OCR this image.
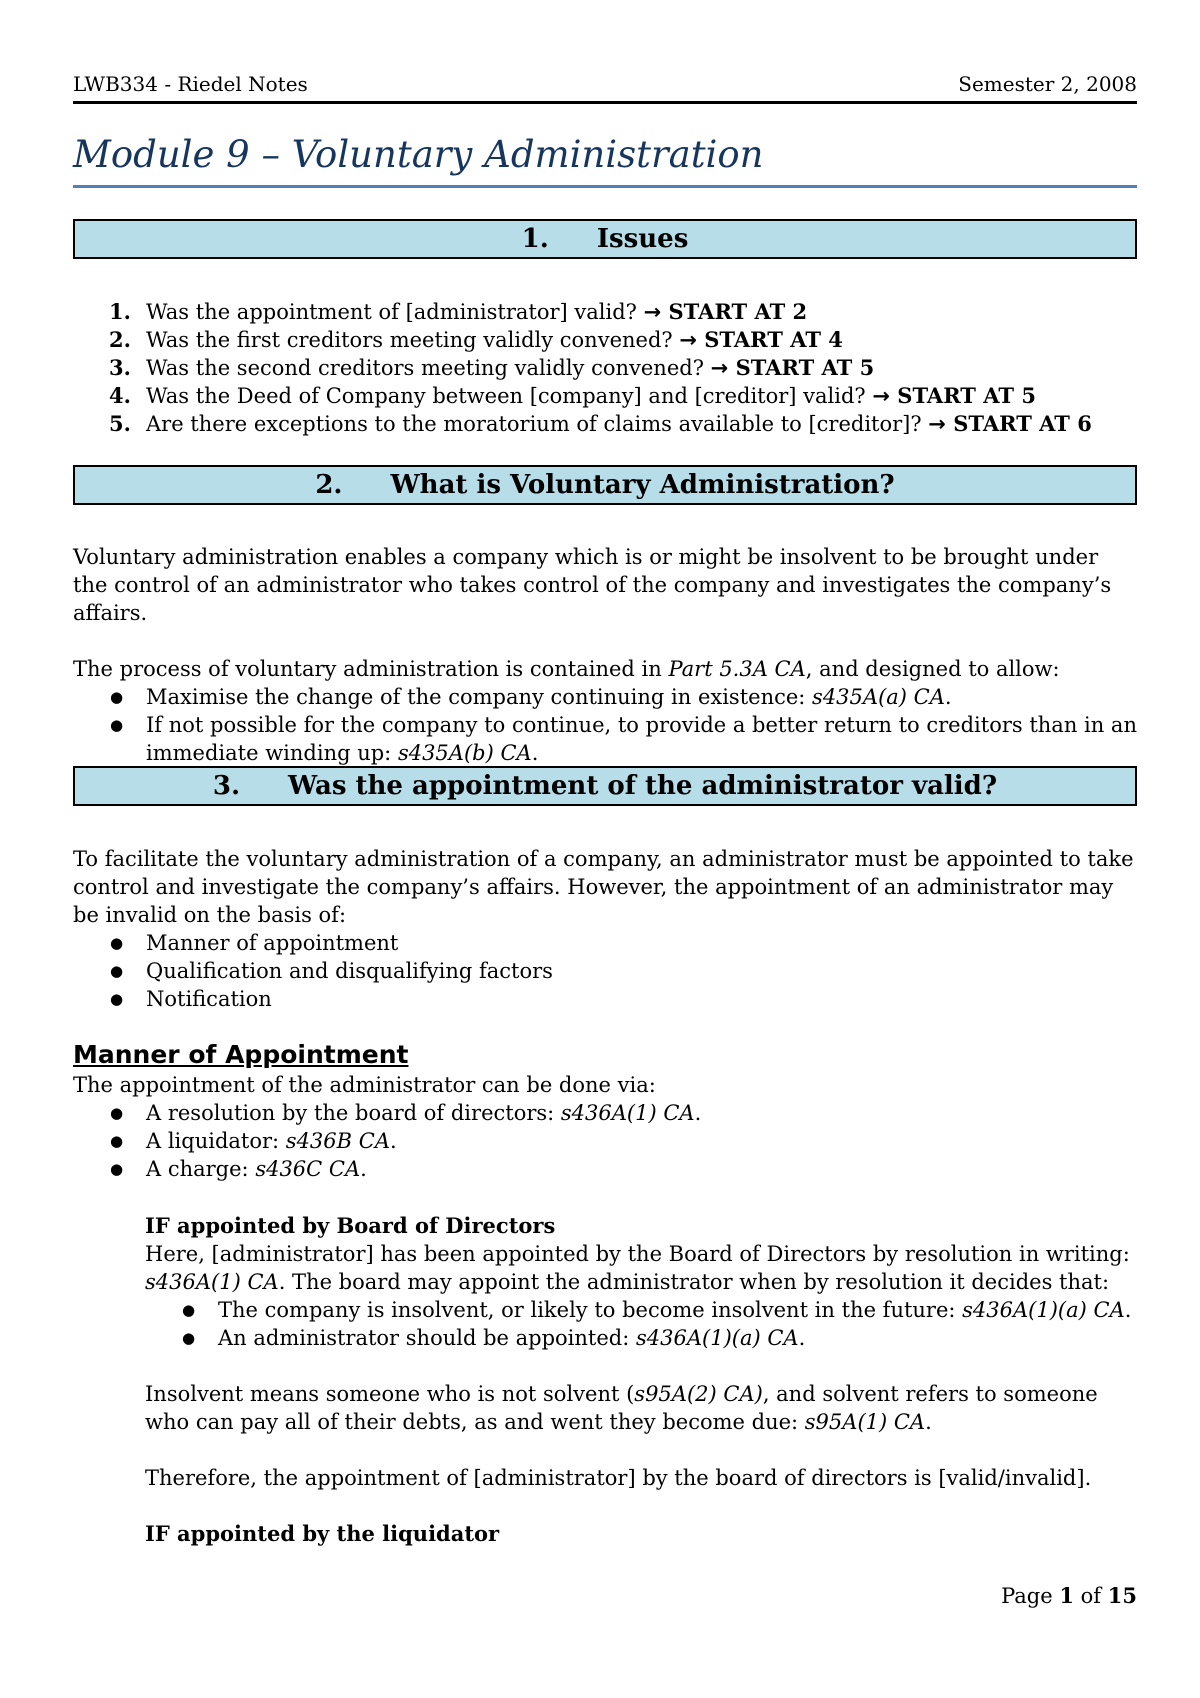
LWB334 - Riedel Notes	Semester 2, 2008
Module 9 – Voluntary Administration
1. Issues
1. Was the appointment of [administrator] valid? → START AT 2
2. Was the first creditors meeting validly convened? → START AT 4
3. Was the second creditors meeting validly convened? → START AT 5
4. Was the Deed of Company between [company] and [creditor] valid? → START AT 5
5. Are there exceptions to the moratorium of claims available to [creditor]? → START AT 6
2. What is Voluntary Administration?

Voluntary administration enables a company which is or might be insolvent to be brought under the control of an administrator who takes control of the company and investigates the company’s affairs.

The process of voluntary administration is contained in Part 5.3A CA, and designed to allow:

● Maximise the change of the company continuing in existence: s435A(a) CA.
● If not possible for the company to continue, to provide a better return to creditors than in an immediate winding up: s435A(b) CA.
3. Was the appointment of the administrator valid?

To facilitate the voluntary administration of a company, an administrator must be appointed to take control and investigate the company’s affairs. However, the appointment of an administrator may be invalid on the basis of:

● Manner of appointment
● Qualification and disqualifying factors
● Notification
Manner of Appointment

The appointment of the administrator can be done via:

● A resolution by the board of directors: s436A(1) CA.
● A liquidator: s436B CA.
● A charge: s436C CA.
IF appointed by Board of Directors

Here, [administrator] has been appointed by the Board of Directors by resolution in writing: s436A(1) CA. The board may appoint the administrator when by resolution it decides that:

● The company is insolvent, or likely to become insolvent in the future: s436A(1)(a) CA.
● An administrator should be appointed: s436A(1)(a) CA.

Insolvent means someone who is not solvent (s95A(2) CA), and solvent refers to someone who can pay all of their debts, as and went they become due: s95A(1) CA.

Therefore, the appointment of [administrator] by the board of directors is [valid/invalid].

IF appointed by the liquidator

Page 1 of 15
